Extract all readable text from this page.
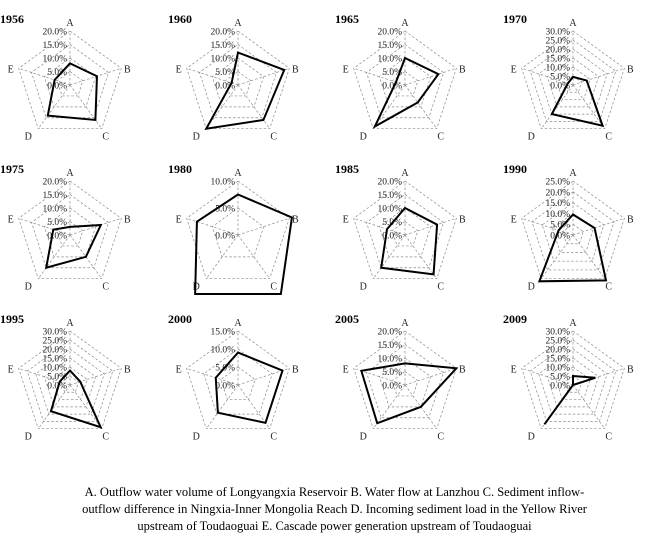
1956
0.0%
5.0%
10.0%
15.0%
20.0%
A
B
C
D
E
1960
0.0%
5.0%
10.0%
15.0%
20.0%
A
B
C
D
E
1965
0.0%
5.0%
10.0%
15.0%
20.0%
A
B
C
D
E
1970
0.0%
5.0%
10.0%
15.0%
20.0%
25.0%
30.0%
A
B
C
D
E
1975
0.0%
5.0%
10.0%
15.0%
20.0%
A
B
C
D
E
1980
0.0%
5.0%
10.0%
A
B
C
D
E
1985
0.0%
5.0%
10.0%
15.0%
20.0%
A
B
C
D
E
1990
0.0%
5.0%
10.0%
15.0%
20.0%
25.0%
A
B
C
D
E
1995
0.0%
5.0%
10.0%
15.0%
20.0%
25.0%
30.0%
A
B
C
D
E
2000
0.0%
5.0%
10.0%
15.0%
A
B
C
D
E
2005
0.0%
5.0%
10.0%
15.0%
20.0%
A
B
C
D
E
2009
0.0%
5.0%
10.0%
15.0%
20.0%
25.0%
30.0%
A
B
C
D
E
A. Outflow water volume of Longyangxia Reservoir B. Water flow at Lanzhou C. Sediment inflow-
outflow difference in Ningxia-Inner Mongolia Reach D. Incoming sediment load in the Yellow River
upstream of Toudaoguai E. Cascade power generation upstream of Toudaoguai
